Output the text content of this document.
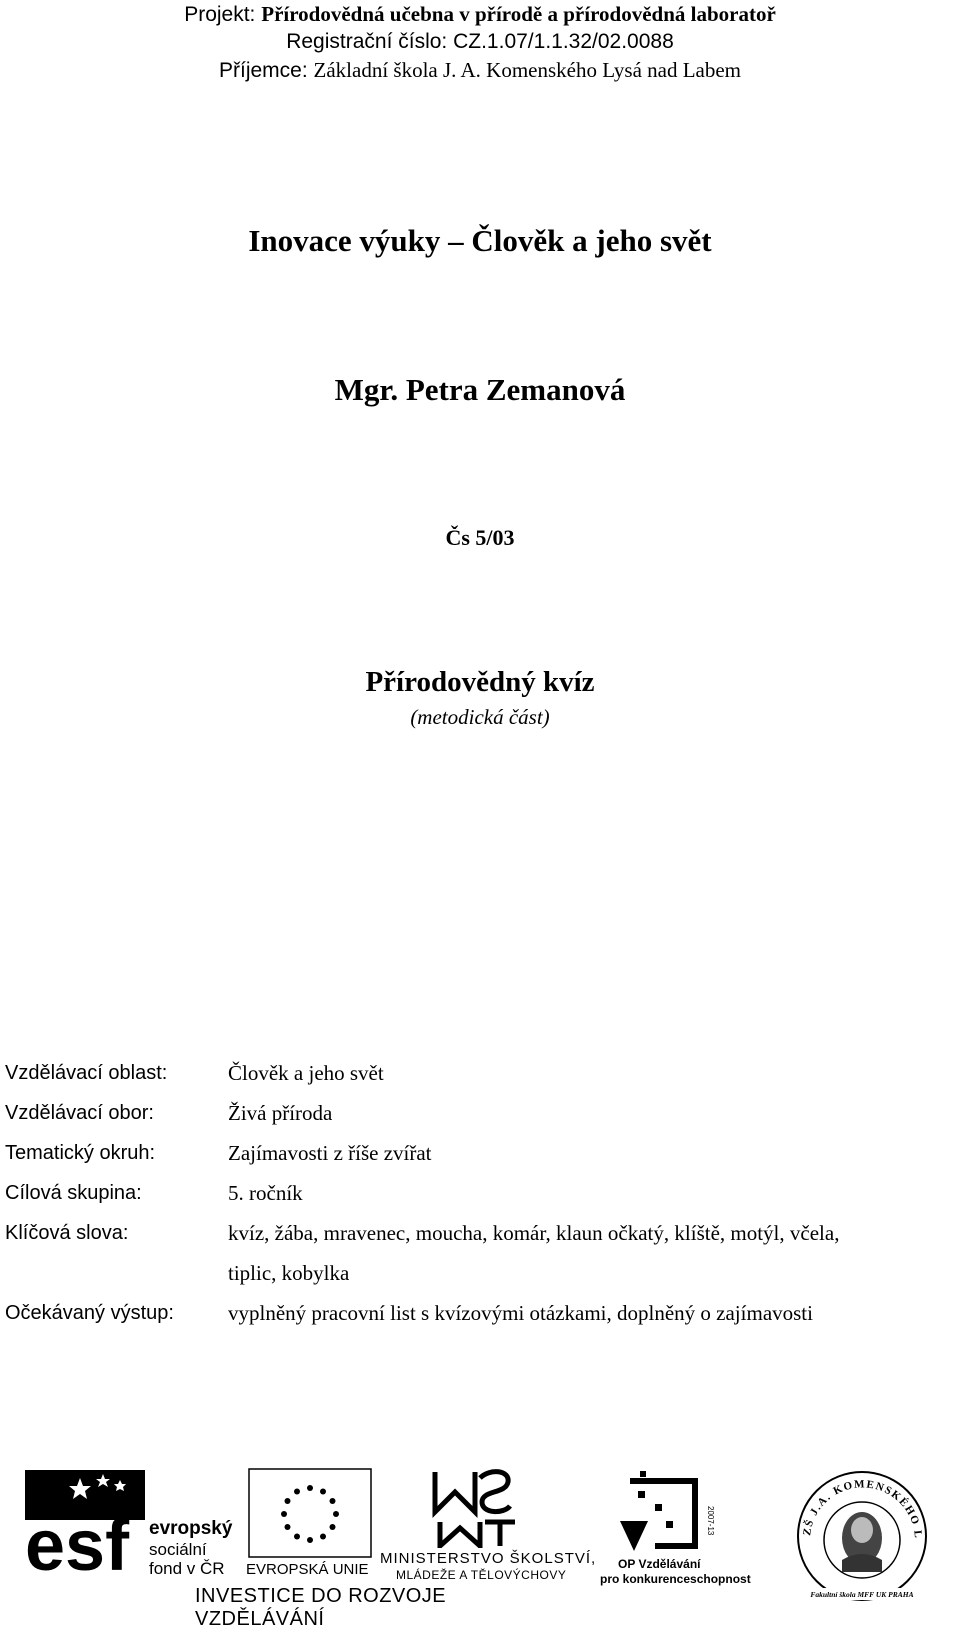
Projekt: Přírodovědná učebna v přírodě a přírodovědná laboratoř
Registrační číslo: CZ.1.07/1.1.32/02.0088
Příjemce: Základní škola J. A. Komenského Lysá nad Labem
Inovace výuky – Člověk a jeho svět
Mgr. Petra Zemanová
Čs 5/03
Přírodovědný kvíz
(metodická část)
Vzdělávací oblast:	Člověk a jeho svět
Vzdělávací obor:	Živá příroda
Tematický okruh:	Zajímavosti z říše zvířat
Cílová skupina:	5. ročník
Klíčová slova:	kvíz, žába, mravenec, moucha, komár, klaun očkatý, klíště, motýl, včela,
tiplic, kobylka
Očekávaný výstup:	vyplněný pracovní list s kvízovými otázkami, doplněný o zajímavosti
esf evropský
sociální
fond v ČR EVROPSKÁ UNIE
MINISTERSTVO ŠKOLSTVÍ,
MLÁDEŽE A TĚLOVÝCHOVY
2007-13
OP Vzdělávání
pro konkurenceschopnost
ZŠ J.A. KOMENSKÉHO L
Fakultní škola MFF UK PRAHA
INVESTICE DO ROZVOJE VZDĚLÁVÁNÍ
